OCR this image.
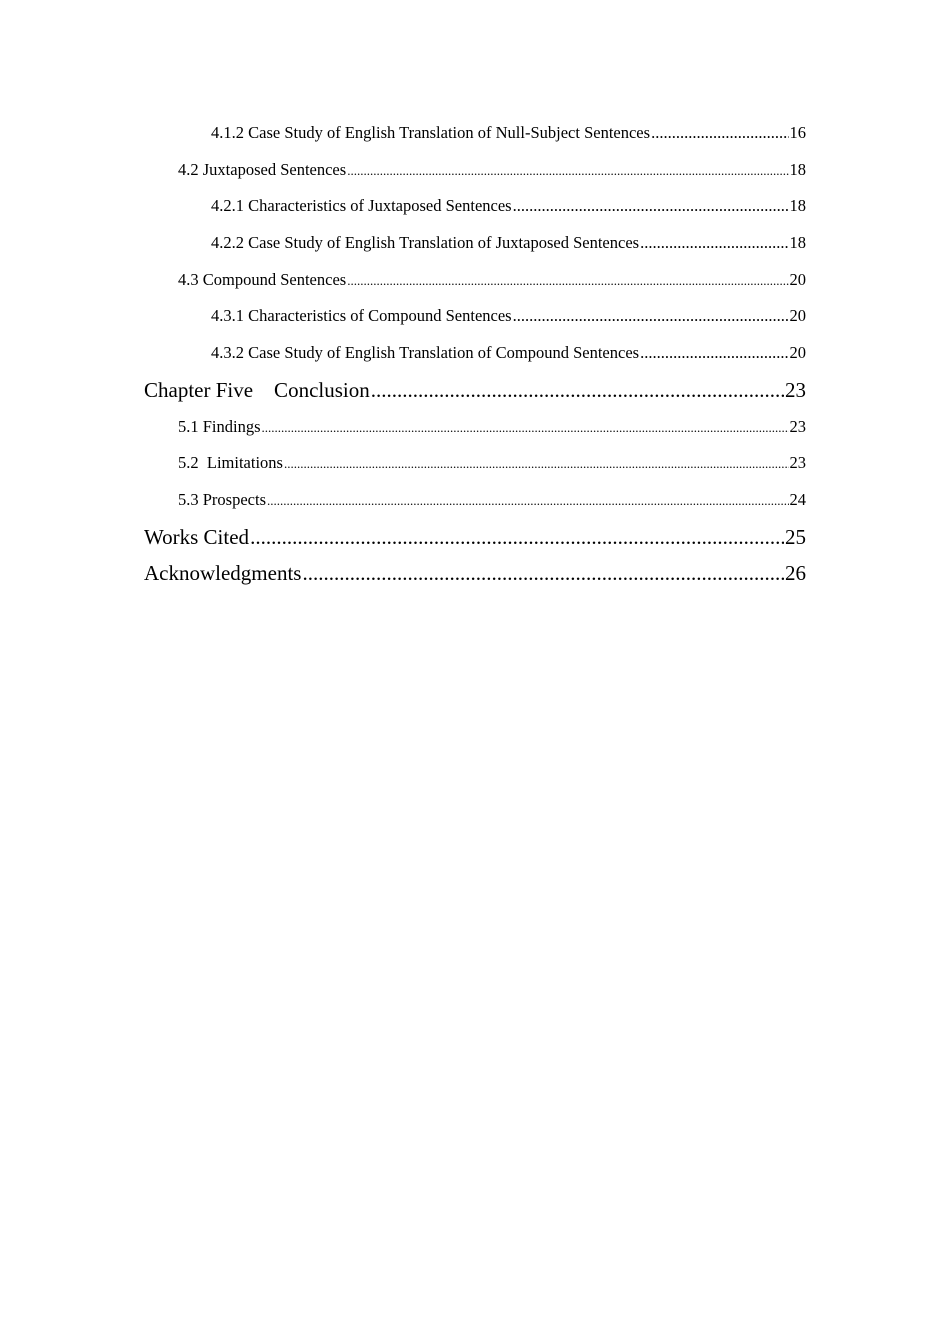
4.1.2 Case Study of English Translation of Null-Subject Sentences .....	16
4.2 Juxtaposed Sentences .....	18
4.2.1 Characteristics of Juxtaposed Sentences .....	18
4.2.2 Case Study of English Translation of Juxtaposed Sentences .....	18
4.3 Compound Sentences .....	20
4.3.1 Characteristics of Compound Sentences .....	20
4.3.2 Case Study of English Translation of Compound Sentences .....	20
Chapter Five Conclusion .....	23
5.1 Findings .....	23
5.2  Limitations .....	23
5.3 Prospects .....	24
Works Cited .....	25
Acknowledgments .....	26
